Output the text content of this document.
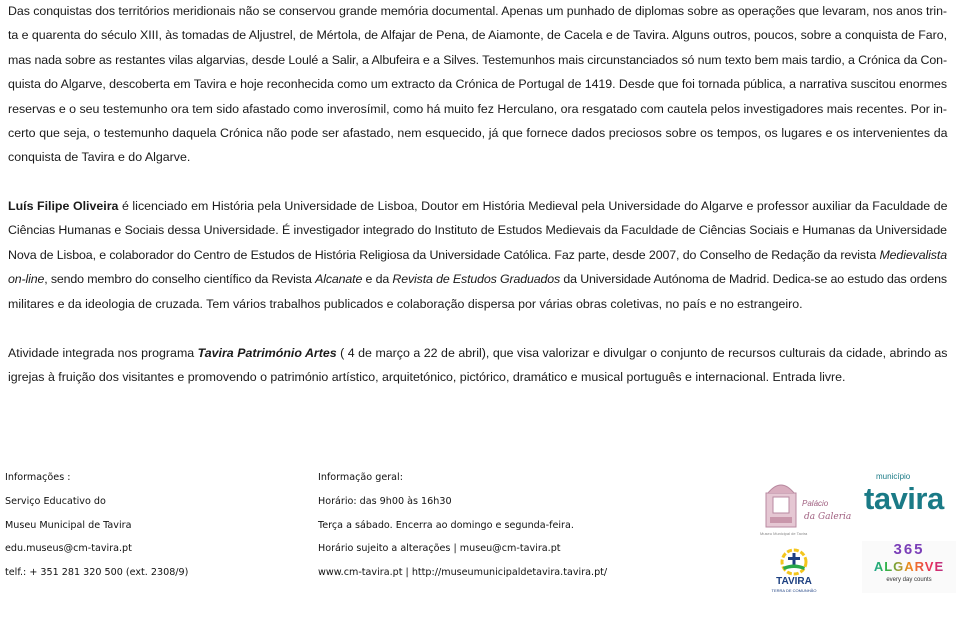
Das conquistas dos territórios meridionais não se conservou grande memória documental. Apenas um punhado de diplomas sobre as operações que levaram, nos anos trin-
ta e quarenta do século XIII, às tomadas de Aljustrel, de Mértola, de Alfajar de Pena, de Aiamonte, de Cacela e de Tavira. Alguns outros, poucos, sobre a conquista de Faro,
mas nada sobre as restantes vilas algarvias, desde Loulé a Salir, a Albufeira e a Silves. Testemunhos mais circunstanciados só num texto bem mais tardio, a Crónica da Con-
quista do Algarve, descoberta em Tavira e hoje reconhecida como um extracto da Crónica de Portugal de 1419. Desde que foi tornada pública, a narrativa suscitou enormes
reservas e o seu testemunho ora tem sido afastado como inverosímil, como há muito fez Herculano, ora resgatado com cautela pelos investigadores mais recentes. Por in-
certo que seja, o testemunho daquela Crónica não pode ser afastado, nem esquecido, já que fornece dados preciosos sobre os tempos, os lugares e os intervenientes da
conquista de Tavira e do Algarve.
Luís Filipe Oliveira é licenciado em História pela Universidade de Lisboa, Doutor em História Medieval pela Universidade do Algarve e professor auxiliar da Faculdade de
Ciências Humanas e Sociais dessa Universidade. É investigador integrado do Instituto de Estudos Medievais da Faculdade de Ciências Sociais e Humanas da Universidade
Nova de Lisboa, e colaborador do Centro de Estudos de História Religiosa da Universidade Católica. Faz parte, desde 2007, do Conselho de Redação da revista Medievalista
on-line, sendo membro do conselho científico da Revista Alcanate e da Revista de Estudos Graduados da Universidade Autónoma de Madrid. Dedica-se ao estudo das ordens
militares e da ideologia de cruzada. Tem vários trabalhos publicados e colaboração dispersa por várias obras coletivas, no país e no estrangeiro.
Atividade integrada nos programa Tavira Património Artes ( 4 de março a 22 de abril), que visa valorizar e divulgar o conjunto de recursos culturais da cidade, abrindo as
igrejas à fruição dos visitantes e promovendo o património artístico, arquitetónico, pictórico, dramático e musical português e internacional. Entrada livre.
Informações :
Serviço Educativo do
Museu Municipal de Tavira
edu.museus@cm-tavira.pt
telf.: + 351 281 320 500 (ext. 2308/9)
Informação geral:
Horário: das 9h00 às 16h30
Terça a sábado. Encerra ao domingo e segunda-feira.
Horário sujeito a alterações | museu@cm-tavira.pt
www.cm-tavira.pt | http://museumunicipaldetavira.tavira.pt/
Palácio
da Galeria
Museu Municipal de Tavira
município
tavira
TAVIRA
TERRA DE COMUNHÃO
365
ALGARVE
every day counts
